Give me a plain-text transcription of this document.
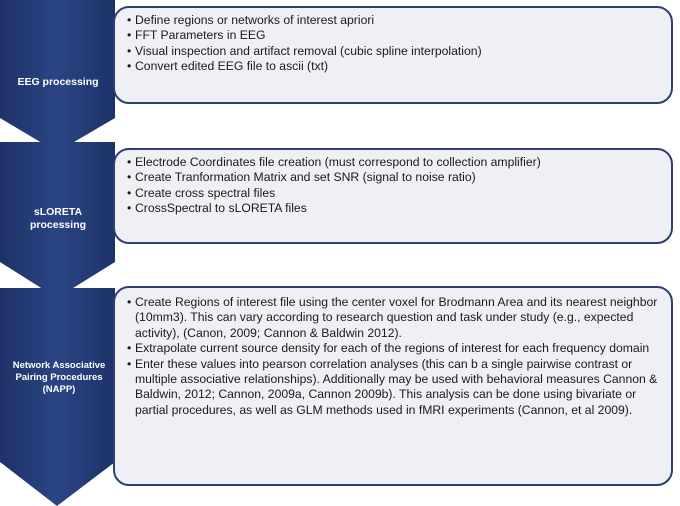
EEG processing
sLORETA processing
Network Associative Pairing Procedures (NAPP)
• Define regions or networks of interest apriori
• FFT Parameters in EEG
• Visual inspection and artifact removal (cubic spline interpolation)
• Convert edited EEG file to ascii (txt)
• Electrode Coordinates file creation (must correspond to collection amplifier)
• Create Tranformation Matrix and set SNR (signal to noise ratio)
• Create cross spectral files
• CrossSpectral to sLORETA files
• Create Regions of interest file using the center voxel for Brodmann Area and its nearest neighbor (10mm3). This can vary according to research question and task under study (e.g., expected activity), (Canon, 2009; Cannon & Baldwin 2012).
• Extrapolate current source density for each of the regions of interest for each frequency domain
• Enter these values into pearson correlation analyses (this can b a single pairwise contrast or multiple associative relationships). Additionally may be used with behavioral measures Cannon & Baldwin, 2012; Cannon, 2009a, Cannon 2009b). This analysis can be done using bivariate or partial procedures, as well as GLM methods used in fMRI experiments (Cannon, et al 2009).
